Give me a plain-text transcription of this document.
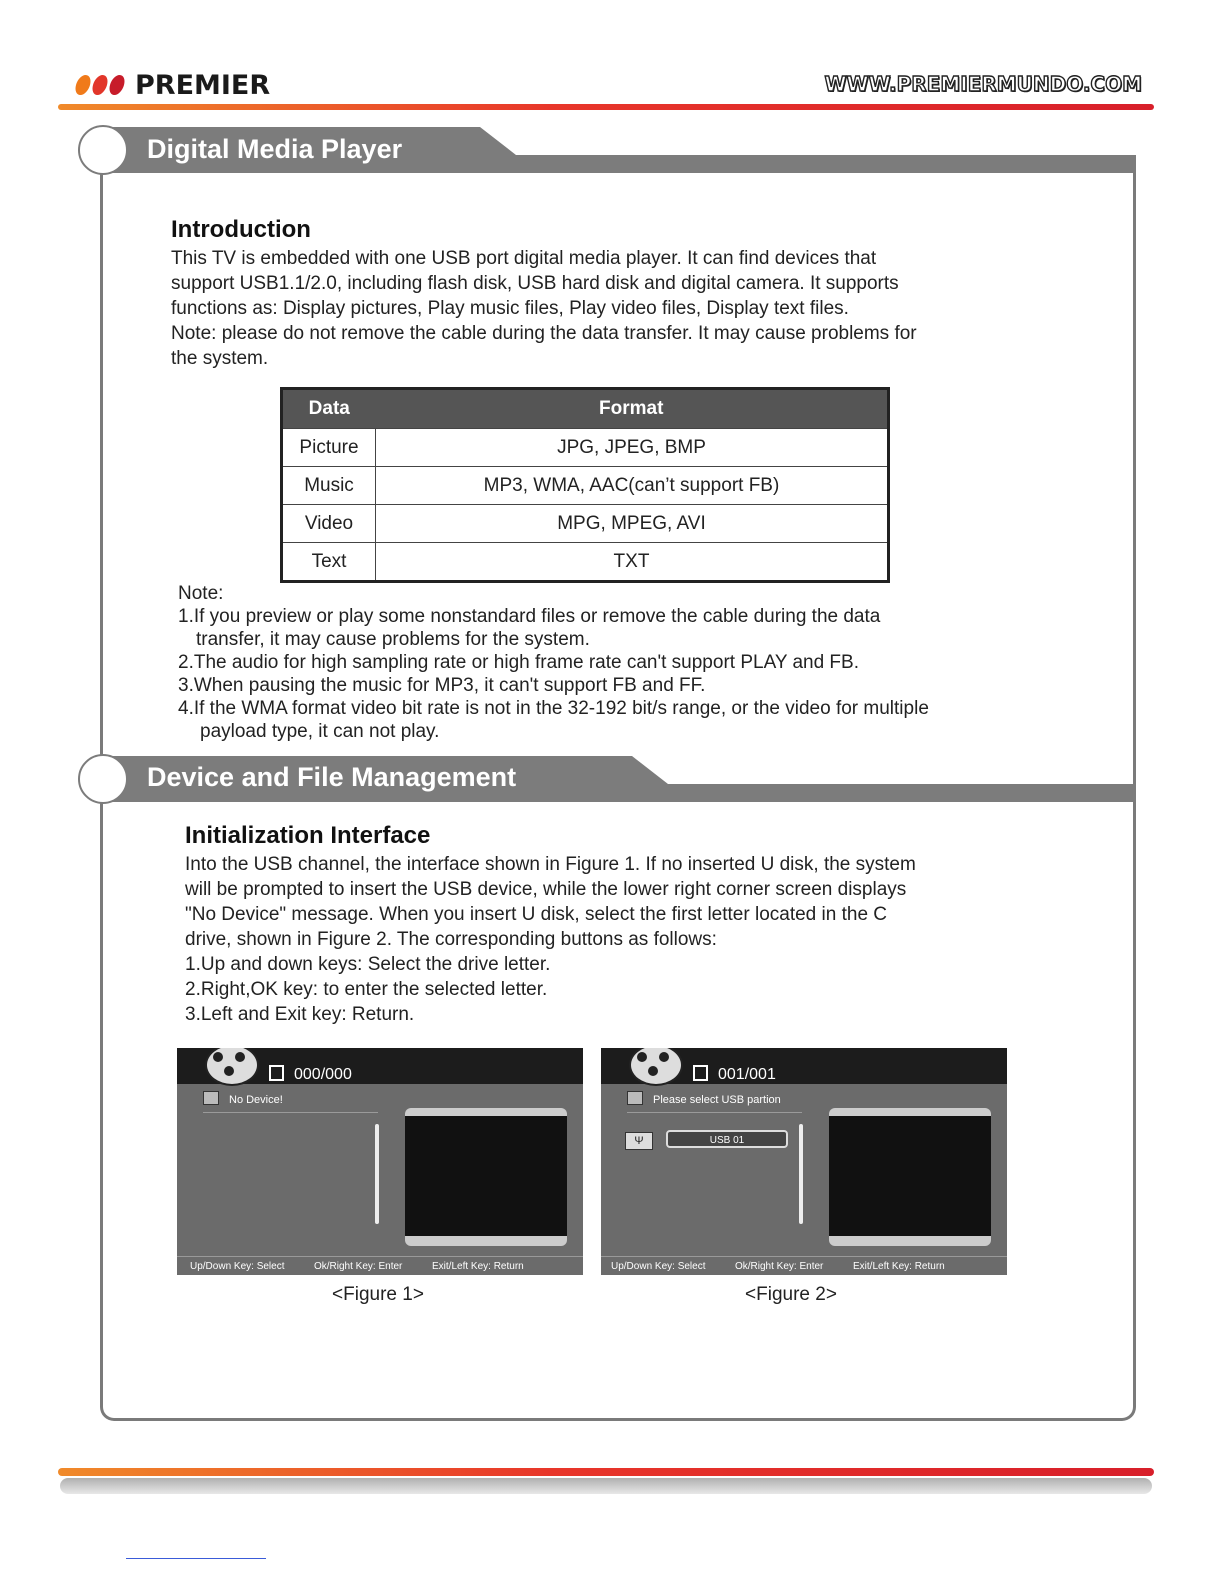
PREMIER	WWW.PREMIERMUNDO.COM
Digital Media Player
Introduction

This TV is embedded with one USB port digital media player. It can find devices that

support USB1.1/2.0, including flash disk, USB hard disk and digital camera. It supports

functions as: Display pictures, Play music files, Play video files, Display text files.

Note: please do not remove the cable during the data transfer. It may cause problems for

the system.

Data	Format
Picture	JPG, JPEG, BMP
Music	MP3, WMA, AAC(can’t support FB)
Video	MPG, MPEG, AVI
Text	TXT
Note:
1.If you preview or play some nonstandard files or remove the cable during the data
transfer, it may cause problems for the system.
2.The audio for high sampling rate or high frame rate can't support PLAY and FB.
3.When pausing the music for MP3, it can't support FB and FF.
4.If the WMA format video bit rate is not in the 32-192 bit/s range, or the video for multiple
payload type, it can not play.
Device and File Management
Initialization Interface

Into the USB channel, the interface shown in Figure 1. If no inserted U disk, the system

will be prompted to insert the USB device, while the lower right corner screen displays

"No Device" message. When you insert U disk, select the first letter located in the C

drive, shown in Figure 2. The corresponding buttons as follows:

1.Up and down keys: Select the drive letter.

2.Right,OK key: to enter the selected letter.

3.Left and Exit key: Return.

000/000
No Device!
Up/Down Key: Select	Ok/Right Key: Enter	Exit/Left Key: Return
<Figure 1>
001/001
Please select USB partion
Ψ	USB 01
Up/Down Key: Select	Ok/Right Key: Enter	Exit/Left Key: Return
<Figure 2>
